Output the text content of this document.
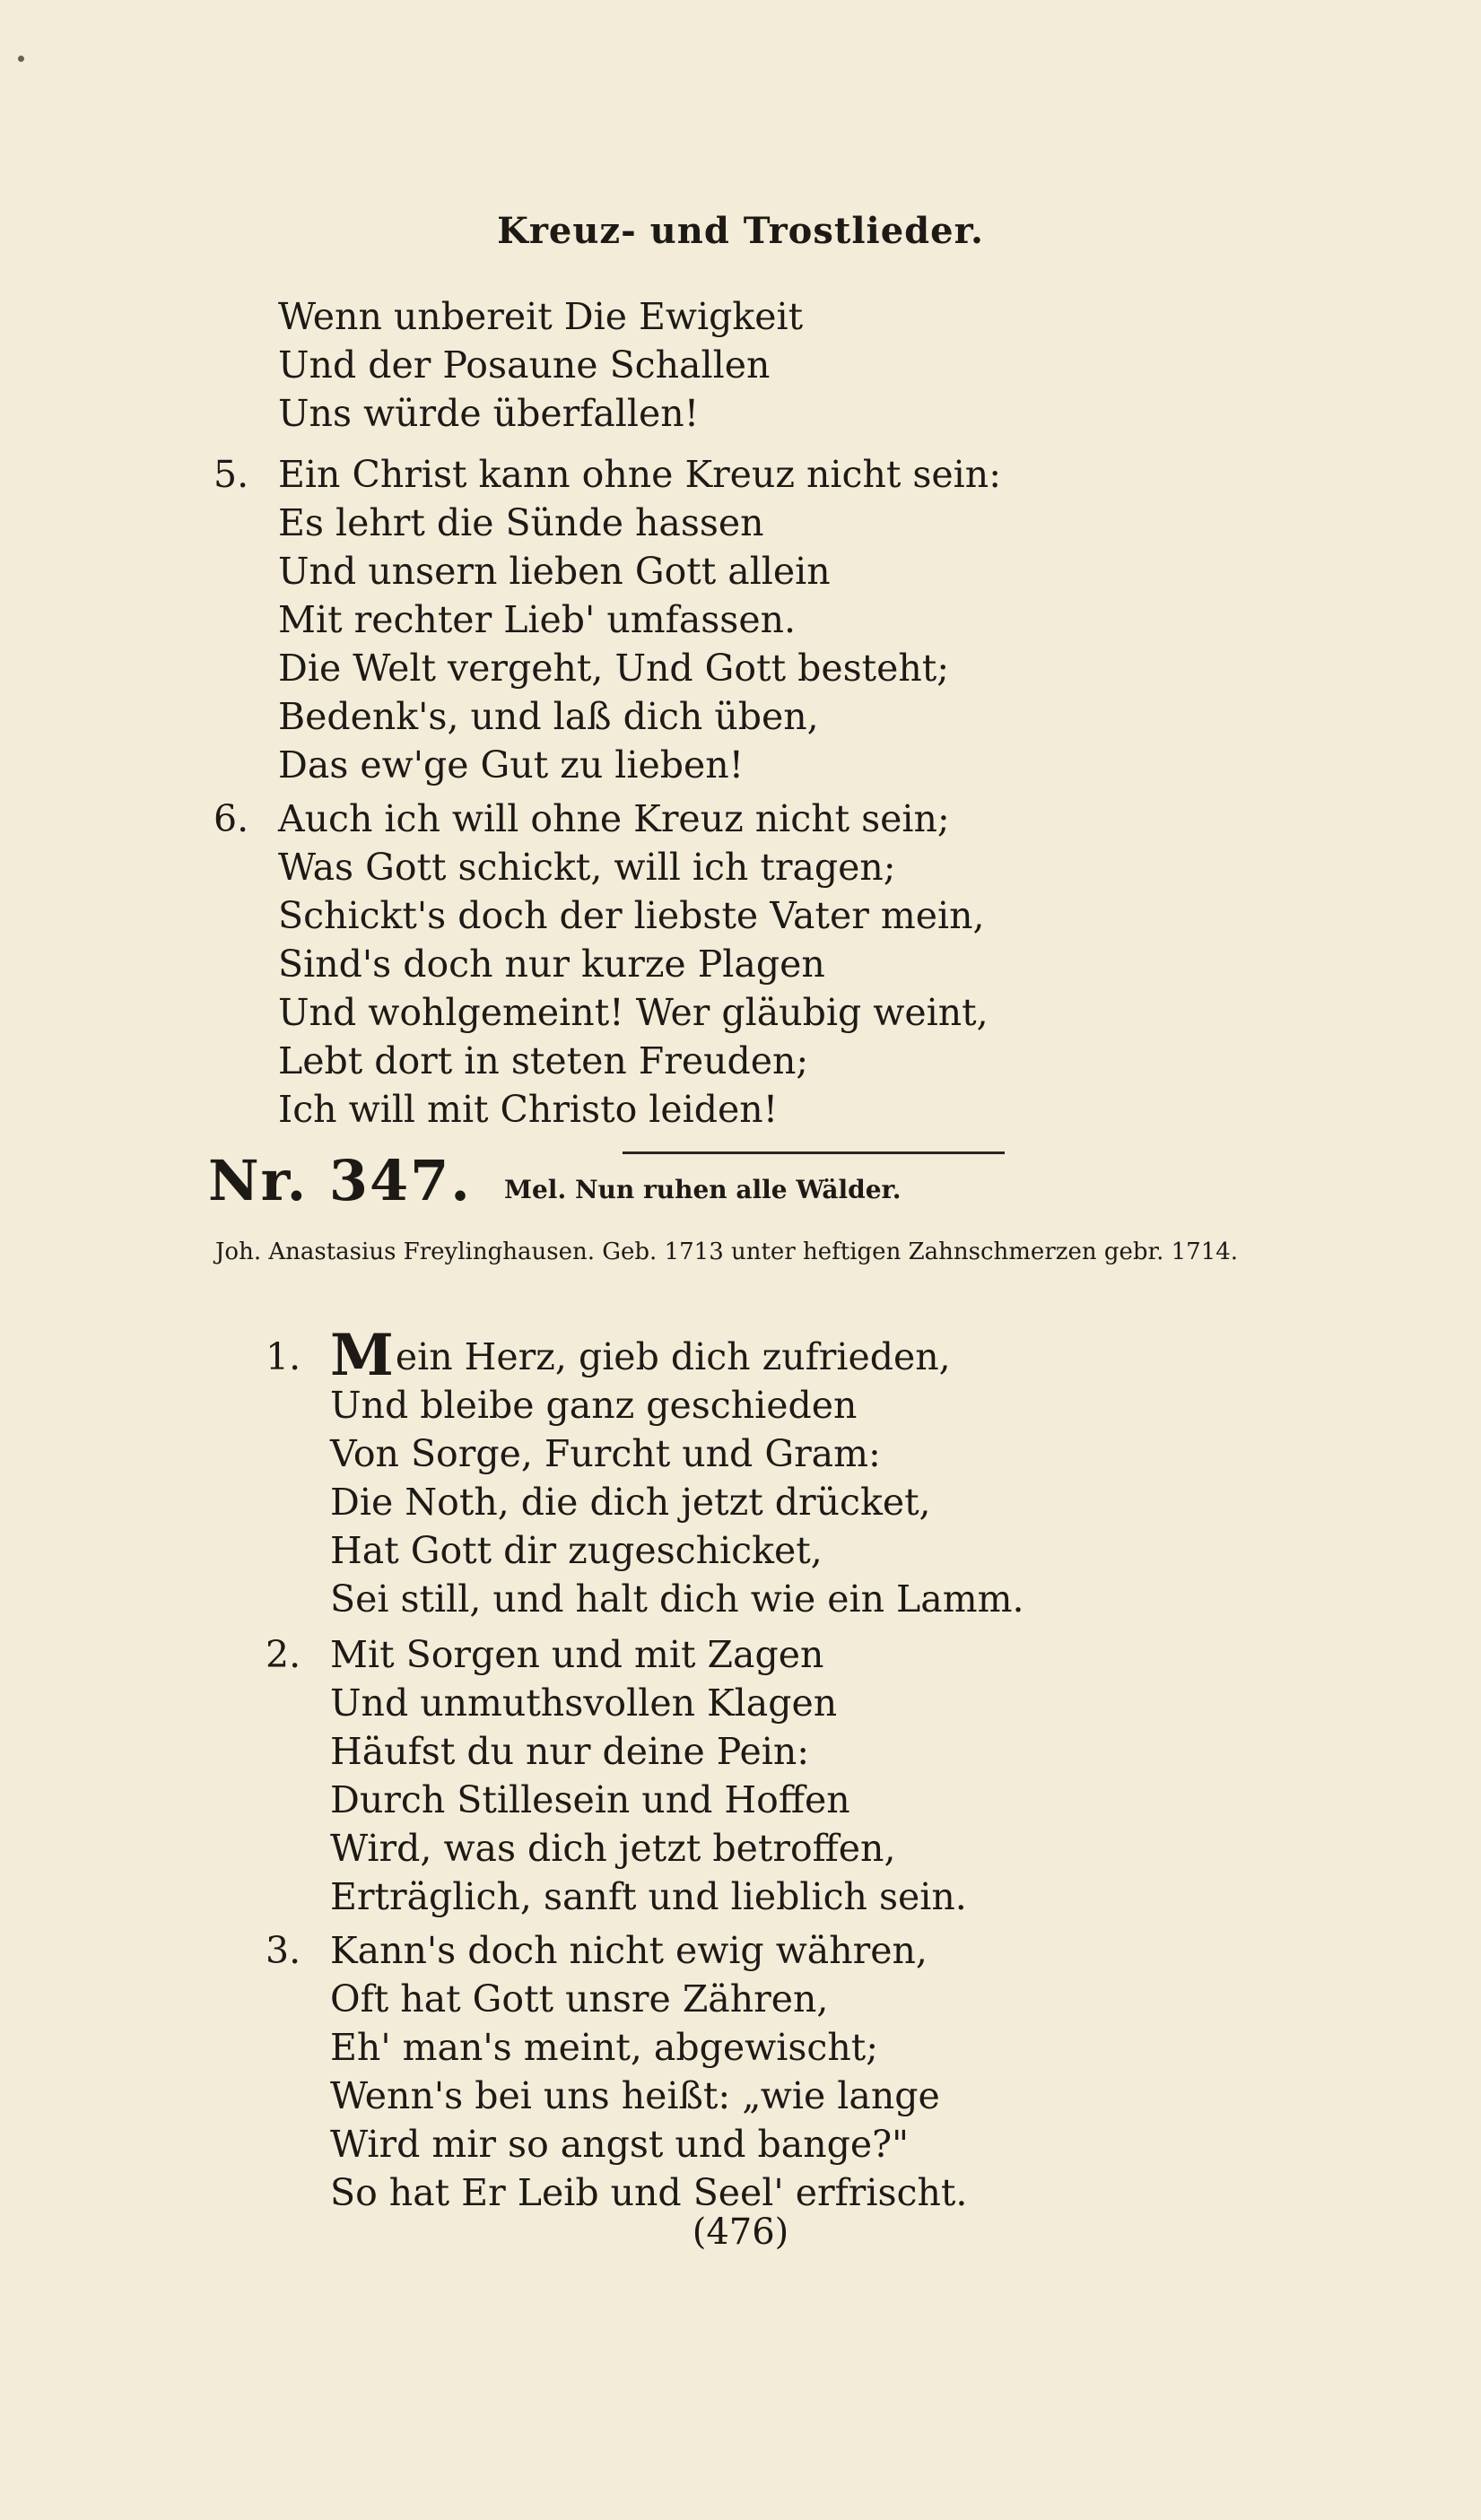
Kreuz- und Trostlieder.
Wenn unbereit Die Ewigkeit
Und der Posaune Schallen
Uns würde überfallen!
5. Ein Christ kann ohne Kreuz nicht sein:
Es lehrt die Sünde hassen
Und unsern lieben Gott allein
Mit rechter Lieb' umfassen.
Die Welt vergeht, Und Gott besteht;
Bedenk's, und laß dich üben,
Das ew'ge Gut zu lieben!
6. Auch ich will ohne Kreuz nicht sein;
Was Gott schickt, will ich tragen;
Schickt's doch der liebste Vater mein,
Sind's doch nur kurze Plagen
Und wohlgemeint! Wer gläubig weint,
Lebt dort in steten Freuden;
Ich will mit Christo leiden!
Nr. 347. Mel. Nun ruhen alle Wälder.
Joh. Anastasius Freylinghausen. Geb. 1713 unter heftigen Zahnschmerzen gebr. 1714.
1. Mein Herz, gieb dich zufrieden,
Und bleibe ganz geschieden
Von Sorge, Furcht und Gram:
Die Noth, die dich jetzt drücket,
Hat Gott dir zugeschicket,
Sei still, und halt dich wie ein Lamm.
2. Mit Sorgen und mit Zagen
Und unmuthsvollen Klagen
Häufst du nur deine Pein:
Durch Stillesein und Hoffen
Wird, was dich jetzt betroffen,
Erträglich, sanft und lieblich sein.
3. Kann's doch nicht ewig währen,
Oft hat Gott unsre Zähren,
Eh' man's meint, abgewischt;
Wenn's bei uns heißt: „wie lange
Wird mir so angst und bange?"
So hat Er Leib und Seel' erfrischt.
(476)
